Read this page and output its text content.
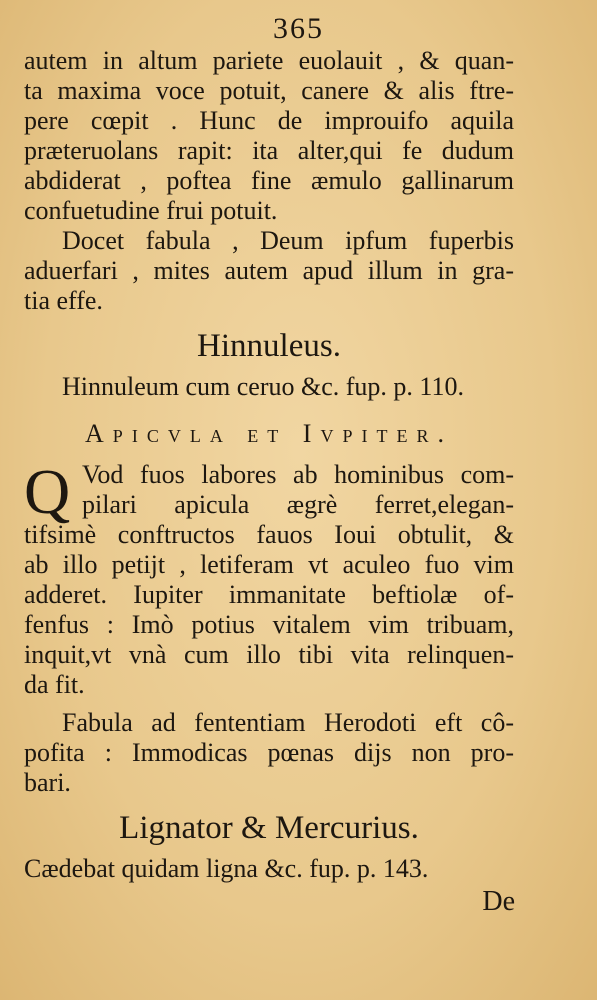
365
autem in altum pariete euolauit , & quan-
ta maxima voce potuit, canere & alis ftre-
pere cœpit . Hunc de improuifo aquila
præteruolans rapit: ita alter,qui fe dudum
abdiderat , poftea fine æmulo gallinarum
confuetudine frui potuit.
Docet fabula , Deum ipfum fuperbis
aduerfari , mites autem apud illum in gra-
tia effe.
Hinnuleus.
Hinnuleum cum ceruo &c. fup. p. 110.
Apicvla et Ivpiter.
Q Vod fuos labores ab hominibus com-
pilari apicula ægrè ferret,elegan-
tifsimè conftructos fauos Ioui obtulit, &
ab illo petijt , letiferam vt aculeo fuo vim
adderet. Iupiter immanitate beftiolæ of-
fenfus : Imò potius vitalem vim tribuam,
inquit,vt vnà cum illo tibi vita relinquen-
da fit.
Fabula ad fententiam Herodoti eft cô-
pofita : Immodicas pœnas dijs non pro-
bari.
Lignator & Mercurius.
Cædebat quidam ligna &c. fup. p. 143.
De
